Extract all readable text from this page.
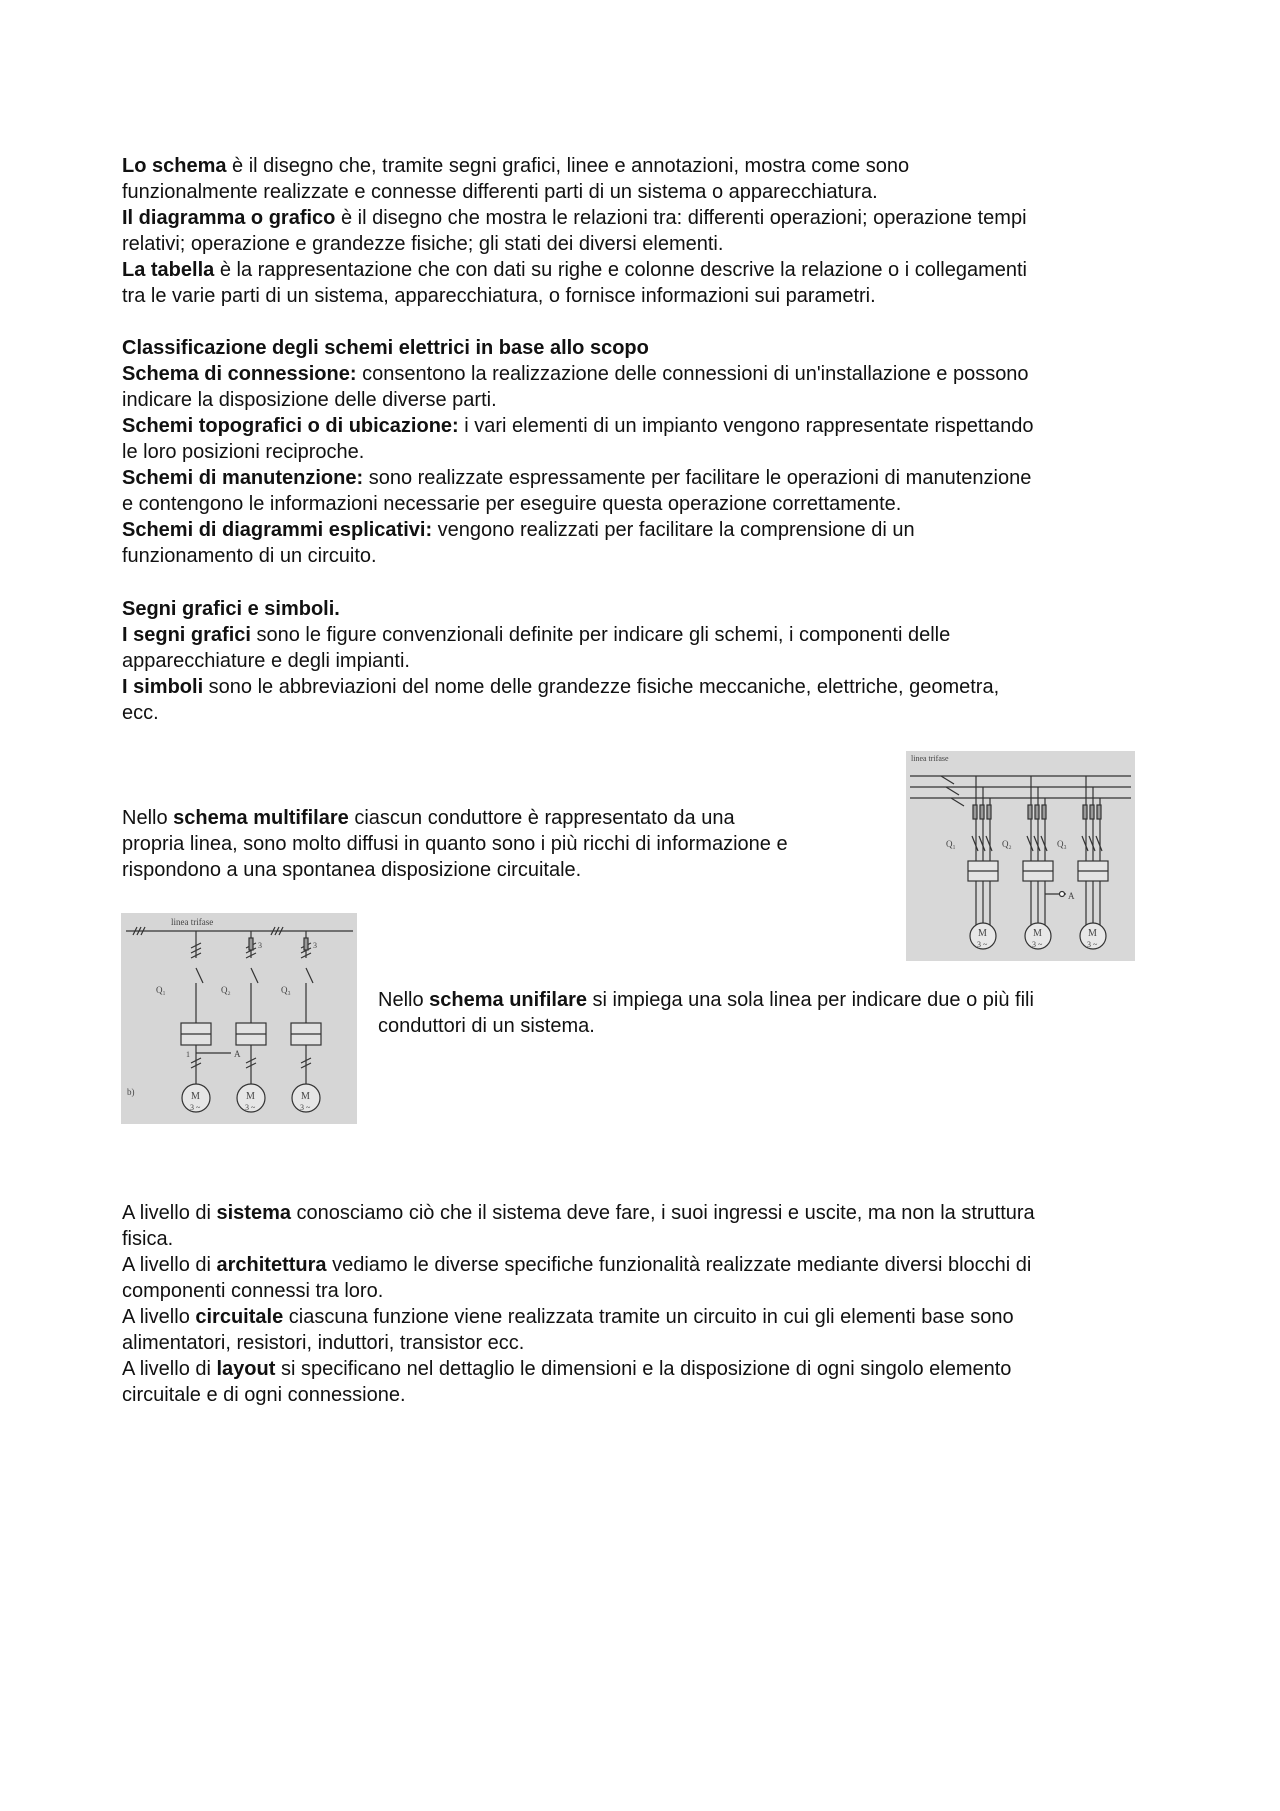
Lo schema è il disegno che, tramite segni grafici, linee e annotazioni, mostra come sono
funzionalmente realizzate e connesse differenti parti di un sistema o apparecchiatura.
Il diagramma o grafico è il disegno che mostra le relazioni tra: differenti operazioni; operazione tempi
relativi; operazione e grandezze fisiche; gli stati dei diversi elementi.
La tabella è la rappresentazione che con dati su righe e colonne descrive la relazione o i collegamenti
tra le varie parti di un sistema, apparecchiatura, o fornisce informazioni sui parametri.
Classificazione degli schemi elettrici in base allo scopo
Schema di connessione: consentono la realizzazione delle connessioni di un'installazione e possono
indicare la disposizione delle diverse parti.
Schemi topografici o di ubicazione: i vari elementi di un impianto vengono rappresentate rispettando
le loro posizioni reciproche.
Schemi di manutenzione: sono realizzate espressamente per facilitare le operazioni di manutenzione
e contengono le informazioni necessarie per eseguire questa operazione correttamente.
Schemi di diagrammi esplicativi: vengono realizzati per facilitare la comprensione di un
funzionamento di un circuito.
Segni grafici e simboli.
I segni grafici sono le figure convenzionali definite per indicare gli schemi, i componenti delle
apparecchiature e degli impianti.
I simboli sono le abbreviazioni del nome delle grandezze fisiche meccaniche, elettriche, geometra,
ecc.
Nello schema multifilare ciascun conduttore è rappresentato da una
propria linea, sono molto diffusi in quanto sono i più ricchi di informazione e
rispondono a una spontanea disposizione circuitale.
linea trifase
Q₁	Q₂	Q₃
A
M
3 ~
M
3 ~
M
3 ~
linea trifase
Q₁	Q₂	Q₃
3	3
1	A
b)	M
3 ~
M
3 ~
M
3 ~
Nello schema unifilare si impiega una sola linea per indicare due o più fili
conduttori di un sistema.
A livello di sistema conosciamo ciò che il sistema deve fare, i suoi ingressi e uscite, ma non la struttura
fisica.
A livello di architettura vediamo le diverse specifiche funzionalità realizzate mediante diversi blocchi di
componenti connessi tra loro.
A livello circuitale ciascuna funzione viene realizzata tramite un circuito in cui gli elementi base sono
alimentatori, resistori, induttori, transistor ecc.
A livello di layout si specificano nel dettaglio le dimensioni e la disposizione di ogni singolo elemento
circuitale e di ogni connessione.
